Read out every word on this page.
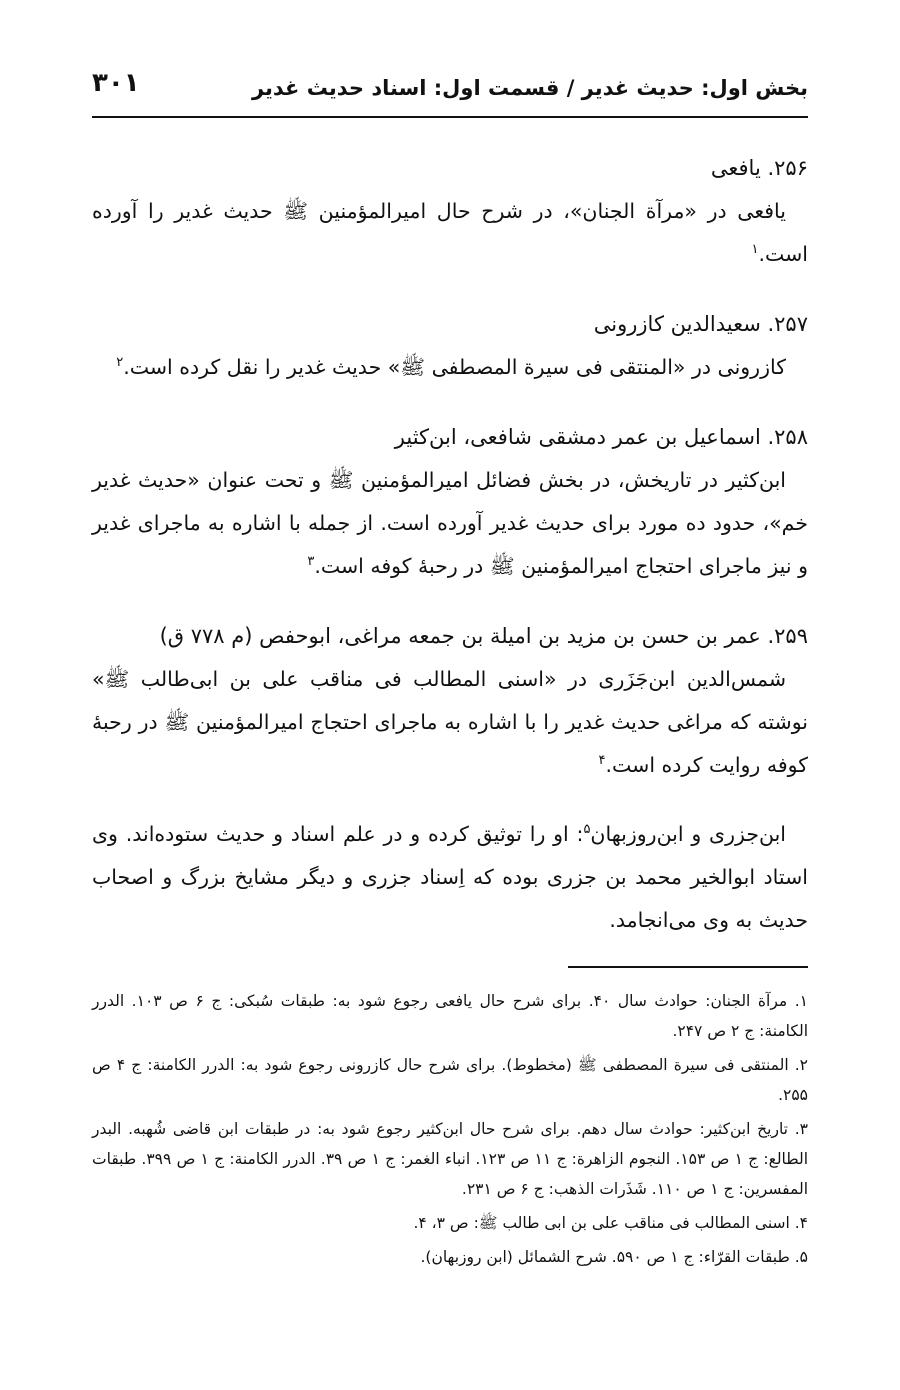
بخش اول: حدیث غدیر / قسمت اول: اسناد حدیث غدیر
۳۰۱

۲۵۶. یافعی

یافعی در «مرآة الجنان»، در شرح حال امیرالمؤمنین ﷺ حدیث غدیر را آورده است.$^۱$

۲۵۷. سعیدالدین کازرونی

کازرونی در «المنتقی فی سیرة المصطفی ﷺ» حدیث غدیر را نقل کرده است.$^۲$

۲۵۸. اسماعیل بن عمر دمشقی شافعی، ابن‌کثیر

ابن‌کثیر در تاریخش، در بخش فضائل امیرالمؤمنین ﷺ و تحت عنوان «حدیث غدیر خم»، حدود ده مورد برای حدیث غدیر آورده است. از جمله با اشاره به ماجرای غدیر و نیز ماجرای احتجاج امیرالمؤمنین ﷺ در رحبهٔ کوفه است.$^۳$

۲۵۹. عمر بن حسن بن مزید بن امیلة بن جمعه مراغی، ابوحفص (م ۷۷۸ ق)

شمس‌الدین ابن‌جَزَری در «اسنی المطالب فی مناقب علی بن ابی‌طالب ﷺ» نوشته که مراغی حدیث غدیر را با اشاره به ماجرای احتجاج امیرالمؤمنین ﷺ در رحبهٔ کوفه روایت کرده است.$^۴$

ابن‌جزری و ابن‌روزبهان$^۵$: او را توثیق کرده و در علم اسناد و حدیث ستوده‌اند. وی استاد ابوالخیر محمد بن جزری بوده که اِسناد جزری و دیگر مشایخ بزرگ و اصحاب حدیث به وی می‌انجامد.

۱. مرآة الجنان: حوادث سال ۴۰. برای شرح حال یافعی رجوع شود به: طبقات سُبکی: ج ۶ ص ۱۰۳. الدرر الکامنة: ج ۲ ص ۲۴۷.

۲. المنتقی فی سیرة المصطفی ﷺ (مخطوط). برای شرح حال کازرونی رجوع شود به: الدرر الکامنة: ج ۴ ص ۲۵۵.

۳. تاریخ ابن‌کثیر: حوادث سال دهم. برای شرح حال ابن‌کثیر رجوع شود به: در طبقات ابن قاضی شُهبه. البدر الطالع: ج ۱ ص ۱۵۳. النجوم الزاهرة: ج ۱۱ ص ۱۲۳. انباء الغمر: ج ۱ ص ۳۹. الدرر الکامنة: ج ۱ ص ۳۹۹. طبقات المفسرین: ج ۱ ص ۱۱۰. شَذَرات الذهب: ج ۶ ص ۲۳۱.

۴. اسنی المطالب فی مناقب علی بن ابی طالب ﷺ: ص ۳، ۴.

۵. طبقات القرّاء: ج ۱ ص ۵۹۰. شرح الشمائل (ابن روزبهان).
